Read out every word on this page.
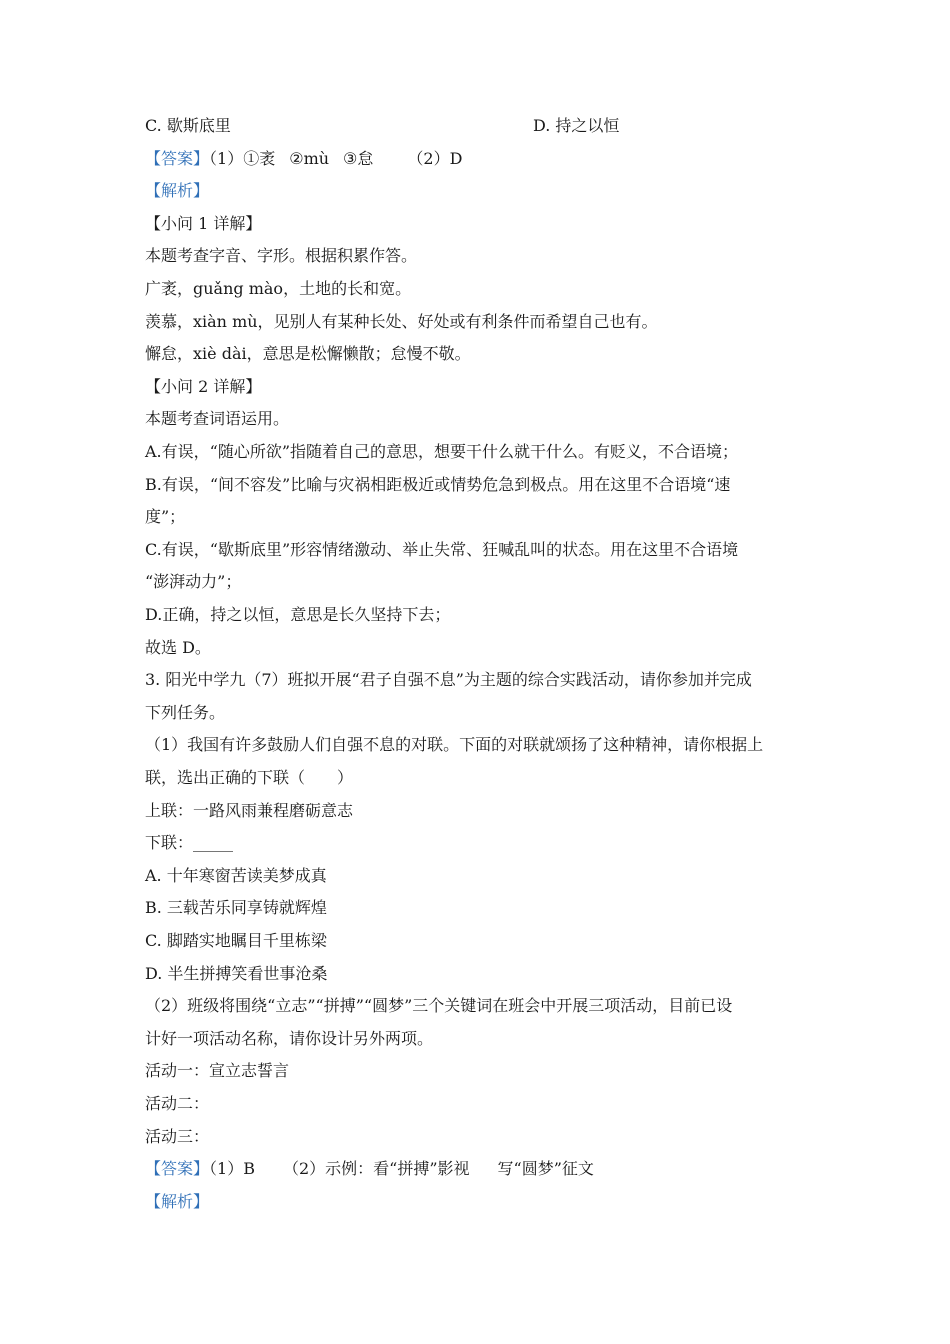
C. 歇斯底里	D. 持之以恒
【答案】（1）①袤 ②mù ③怠 （2）D
【解析】
【小问 1 详解】
本题考查字音、字形。根据积累作答。
广袤，guǎng mào，土地的长和宽。
羡慕，xiàn mù，见别人有某种长处、好处或有利条件而希望自己也有。
懈怠，xiè dài，意思是松懈懒散；怠慢不敬。
【小问 2 详解】
本题考查词语运用。
A.有误，“随心所欲”指随着自己的意思，想要干什么就干什么。有贬义，不合语境；
B.有误，“间不容发”比喻与灾祸相距极近或情势危急到极点。用在这里不合语境“速
度”；
C.有误，“歇斯底里”形容情绪激动、举止失常、狂喊乱叫的状态。用在这里不合语境
“澎湃动力”；
D.正确，持之以恒，意思是长久坚持下去；
故选 D。
3. 阳光中学九（7）班拟开展“君子自强不息”为主题的综合实践活动，请你参加并完成
下列任务。
（1）我国有许多鼓励人们自强不息的对联。下面的对联就颂扬了这种精神，请你根据上
联，选出正确的下联（　　）
上联：一路风雨兼程磨砺意志
下联：_____
A. 十年寒窗苦读美梦成真
B. 三载苦乐同享铸就辉煌
C. 脚踏实地瞩目千里栋梁
D. 半生拼搏笑看世事沧桑
（2）班级将围绕“立志”“拼搏”“圆梦”三个关键词在班会中开展三项活动，目前已设
计好一项活动名称，请你设计另外两项。
活动一：宣立志誓言
活动二：
活动三：
【答案】（1）B （2）示例：看“拼搏”影视 写“圆梦”征文
【解析】
